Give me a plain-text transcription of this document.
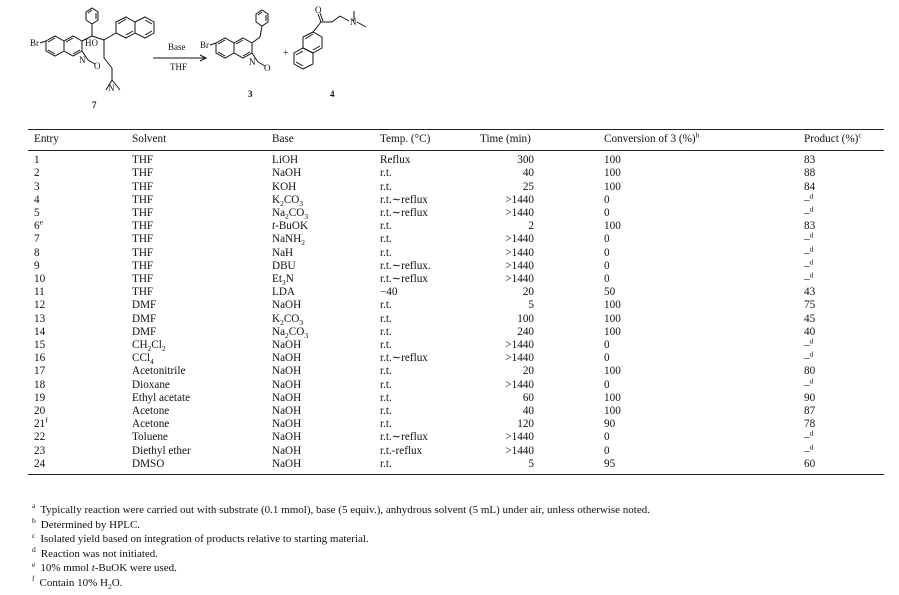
Br
N
O
HO
N
Br
N
O
O
N
Base
THF
+
7
3	4
Entry	Solvent	Base	Temp. (°C)	Time (min)		Conversion of 3 (%)$^b$	Product (%)$^c$
1	THF	LiOH	Reflux	300		100	83
2	THF	NaOH	r.t.	40		100	88
3	THF	KOH	r.t.	25		100	84
4	THF	$K_2CO_3$	r.t.∼reflux	>1440		0	–$^d$
5	THF	$Na_2CO_3$	r.t.∼reflux	>1440		0	–$^d$
6e	THF	t-BuOK	r.t.	2		100	83
7	THF	NaNH$_2$	r.t.	>1440		0	–$^d$
8	THF	NaH	r.t.	>1440		0	–$^d$
9	THF	DBU	r.t.∼reflux.	>1440		0	–$^d$
10	THF	$Et_3N$	r.t.∼reflux	>1440		0	–$^d$
11	THF	LDA	−40	20		50	43
12	DMF	NaOH	r.t.	5		100	75
13	DMF	$K_2CO_3$	r.t.	100		100	45
14	DMF	$Na_2CO_3$	r.t.	240		100	40
15	$CH_2Cl_2$	NaOH	r.t.	>1440		0	–$^d$
16	CCl$_4$	NaOH	r.t.∼reflux	>1440		0	–$^d$
17	Acetonitrile	NaOH	r.t.	20		100	80
18	Dioxane	NaOH	r.t.	>1440		0	–$^d$
19	Ethyl acetate	NaOH	r.t.	60		100	90
20	Acetone	NaOH	r.t.	40		100	87
21$^f$	Acetone	NaOH	r.t.	120		90	78
22	Toluene	NaOH	r.t.∼reflux	>1440		0	–$^d$
23	Diethyl ether	NaOH	r.t.-reflux	>1440		0	–$^d$
24	DMSO	NaOH	r.t.	5		95	60
$^a$ Typically reaction were carried out with substrate (0.1 mmol), base (5 equiv.), anhydrous solvent (5 mL) under air, unless otherwise noted.
$^b$ Determined by HPLC.
$^c$ Isolated yield based on integration of products relative to starting material.
$^d$ Reaction was not initiated.
$^e$ 10% mmol t-BuOK were used.
$^f$ Contain 10% $H_2O$.
